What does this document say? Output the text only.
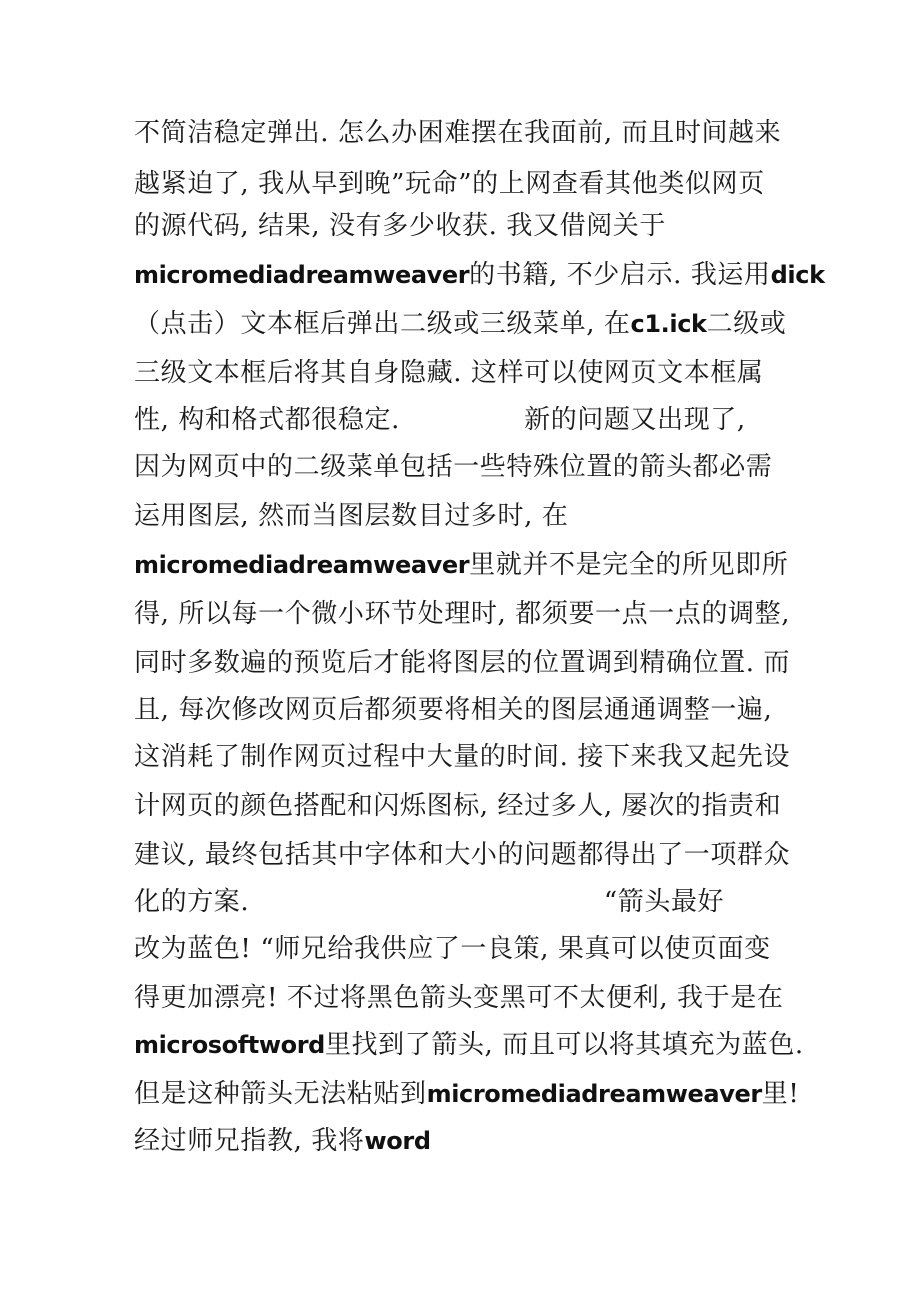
不简洁稳定弹出. 怎么办困难摆在我面前, 而且时间越来
越紧迫了, 我从早到晚”玩命”的上网查看其他类似网页
的源代码, 结果, 没有多少收获. 我又借阅关于
micromediadreamweaver的书籍, 不少启示. 我运用dick
（点击）文本框后弹出二级或三级菜单, 在c1.ick二级或
三级文本框后将其自身隐藏. 这样可以使网页文本框属
性, 构和格式都很稳定.              新的问题又出现了,
因为网页中的二级菜单包括一些特殊位置的箭头都必需
运用图层, 然而当图层数目过多时, 在
micromediadreamweaver里就并不是完全的所见即所
得, 所以每一个微小环节处理时, 都须要一点一点的调整,
同时多数遍的预览后才能将图层的位置调到精确位置. 而
且, 每次修改网页后都须要将相关的图层通通调整一遍,
这消耗了制作网页过程中大量的时间. 接下来我又起先设
计网页的颜色搭配和闪烁图标, 经过多人, 屡次的指责和
建议, 最终包括其中字体和大小的问题都得出了一项群众
化的方案.                                        “箭头最好
改为蓝色! “师兄给我供应了一良策, 果真可以使页面变
得更加漂亮! 不过将黑色箭头变黑可不太便利, 我于是在
microsoftword里找到了箭头, 而且可以将其填充为蓝色.
但是这种箭头无法粘贴到micromediadreamweaver里!
经过师兄指教, 我将word
